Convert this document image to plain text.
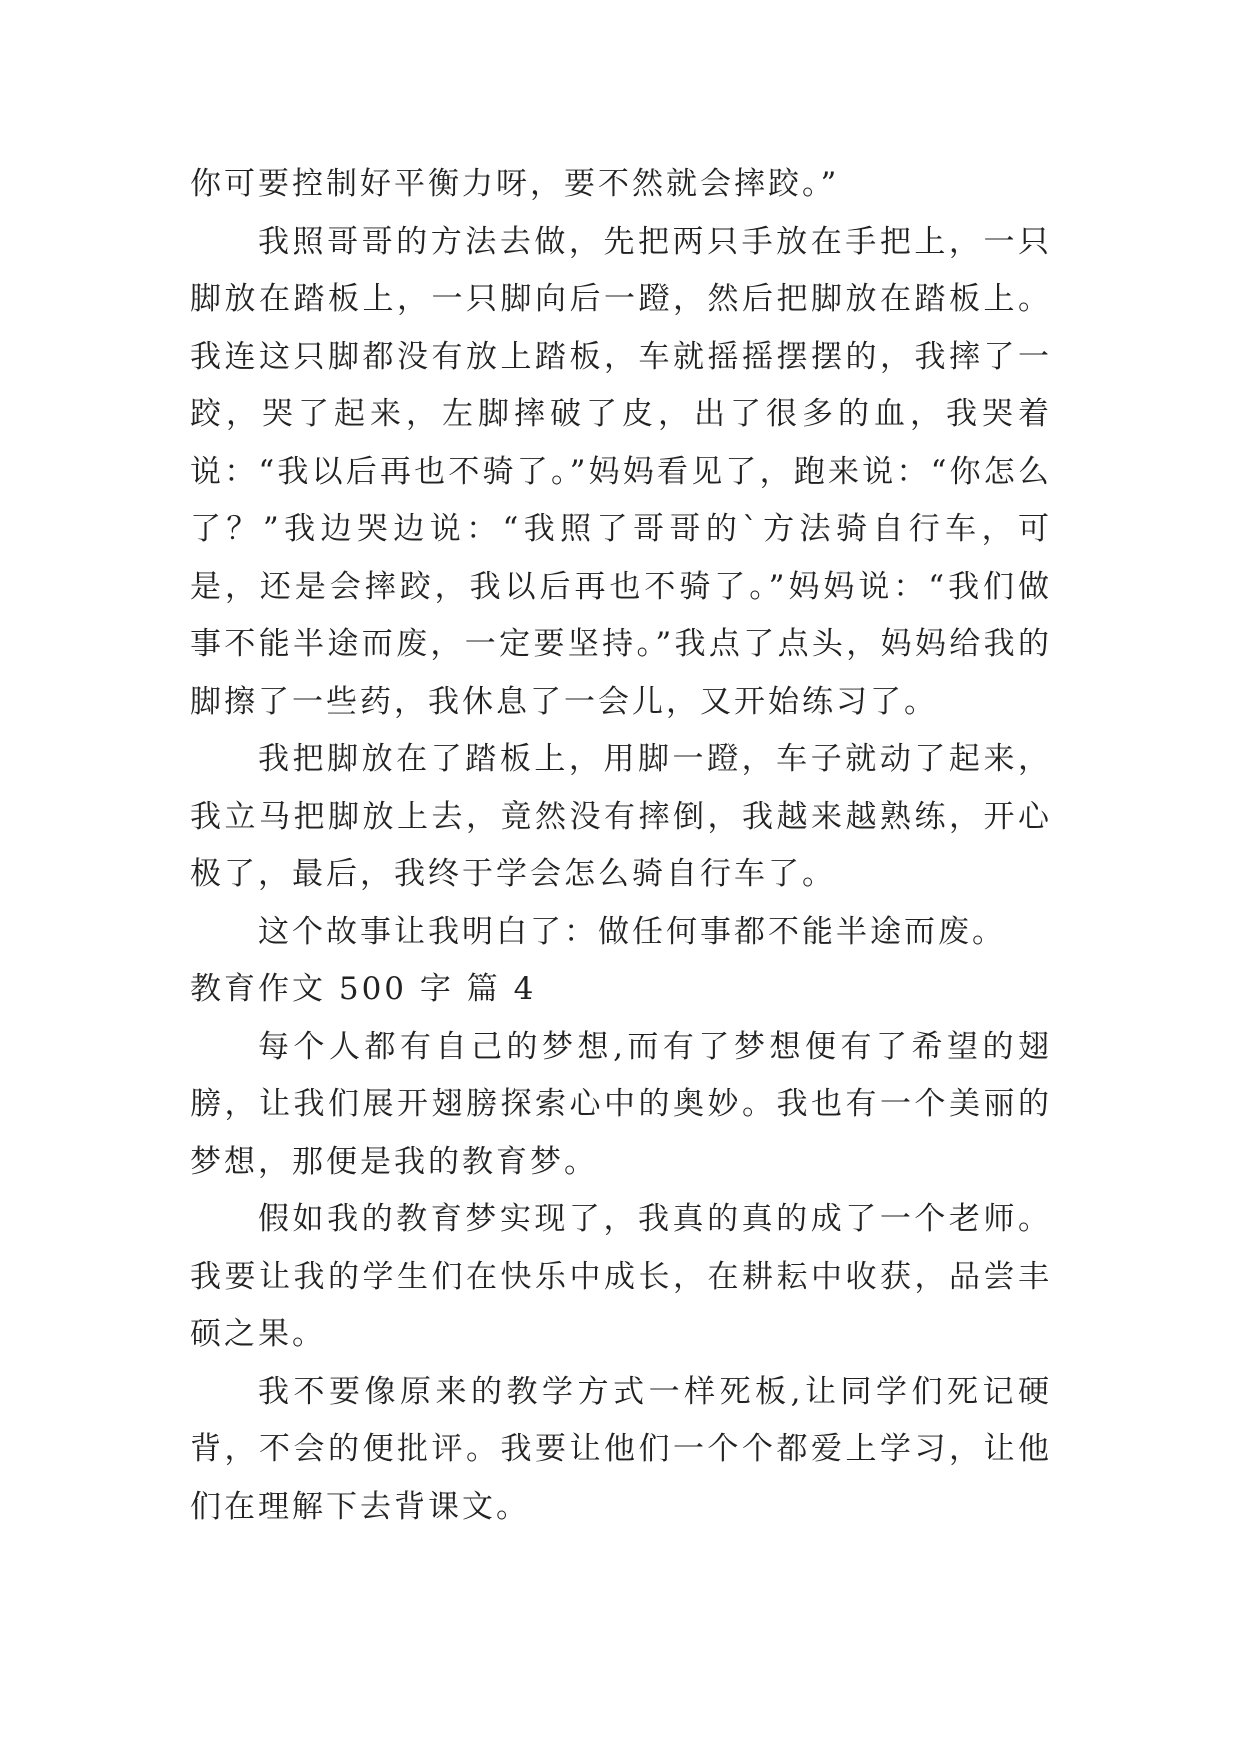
你可要控制好平衡力呀，要不然就会摔跤。”

我照哥哥的方法去做，先把两只手放在手把上，一只脚放在踏板上，一只脚向后一蹬，然后把脚放在踏板上。我连这只脚都没有放上踏板，车就摇摇摆摆的，我摔了一跤，哭了起来，左脚摔破了皮，出了很多的血，我哭着说：“我以后再也不骑了。”妈妈看见了，跑来说：“你怎么了？”我边哭边说：“我照了哥哥的`方法骑自行车，可是，还是会摔跤，我以后再也不骑了。”妈妈说：“我们做事不能半途而废，一定要坚持。”我点了点头，妈妈给我的脚擦了一些药，我休息了一会儿，又开始练习了。

我把脚放在了踏板上，用脚一蹬，车子就动了起来，我立马把脚放上去，竟然没有摔倒，我越来越熟练，开心极了，最后，我终于学会怎么骑自行车了。

这个故事让我明白了：做任何事都不能半途而废。

教育作文 500 字 篇 4

每个人都有自己的梦想,而有了梦想便有了希望的翅膀，让我们展开翅膀探索心中的奥妙。我也有一个美丽的梦想，那便是我的教育梦。

假如我的教育梦实现了，我真的真的成了一个老师。我要让我的学生们在快乐中成长，在耕耘中收获，品尝丰硕之果。

我不要像原来的教学方式一样死板,让同学们死记硬背，不会的便批评。我要让他们一个个都爱上学习，让他们在理解下去背课文。
